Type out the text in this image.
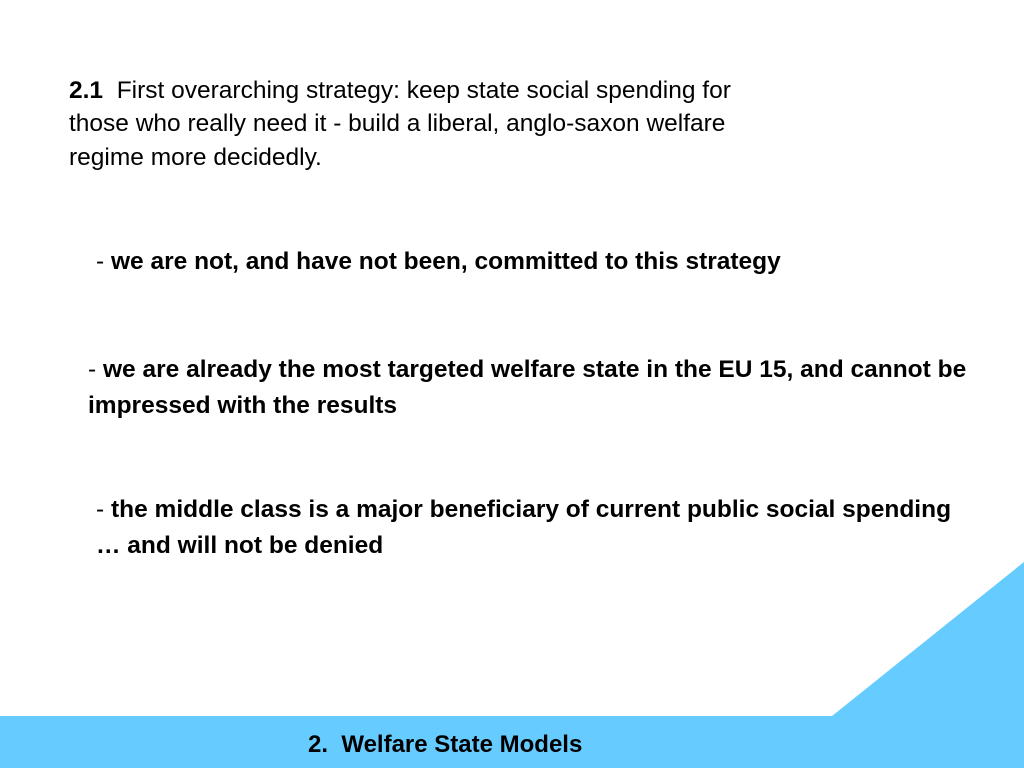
2.1 First overarching strategy: keep state social spending for
those who really need it - build a liberal, anglo-saxon welfare
regime more decidedly.
- we are not, and have not been, committed to this strategy
- we are already the most targeted welfare state in the EU 15, and cannot be impressed with the results
- the middle class is a major beneficiary of current public social spending … and will not be denied
2.  Welfare State Models
